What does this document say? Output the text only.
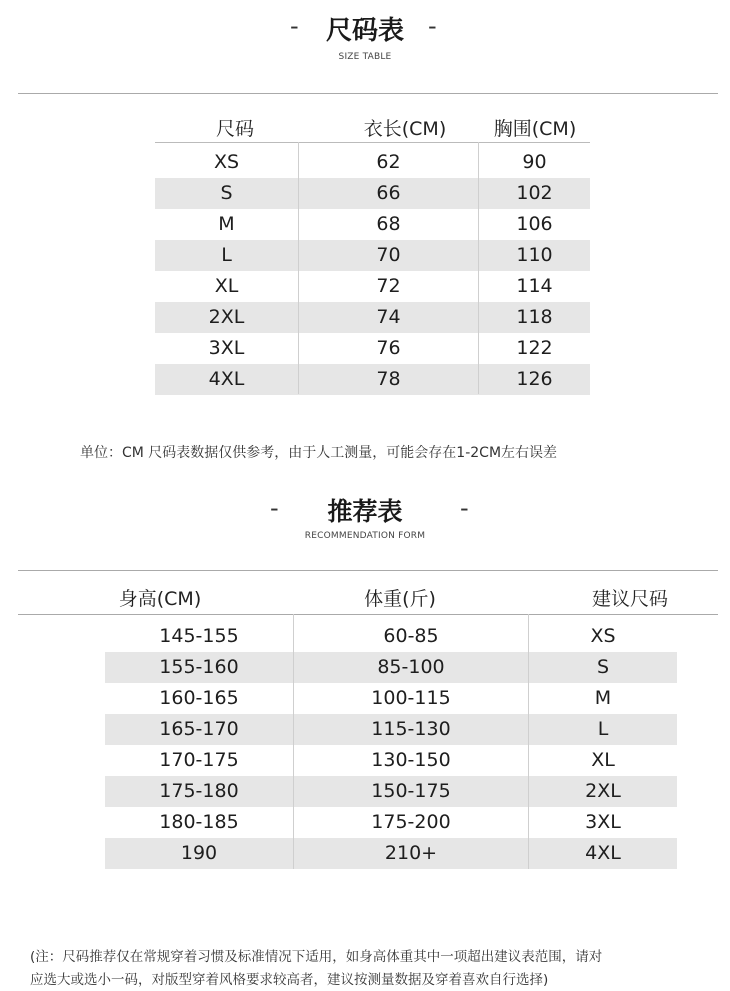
-	尺码表	-
SIZE TABLE
尺码	衣长(CM)	胸围(CM)
XS	62	90
S	66	102
M	68	106
L	70	110
XL	72	114
2XL	74	118
3XL	76	122
4XL	78	126
单位：CM 尺码表数据仅供参考，由于人工测量，可能会存在1-2CM左右误差
-	推荐表	-
RECOMMENDATION FORM
身高(CM)	体重(斤)	建议尺码
145-155	60-85	XS
155-160	85-100	S
160-165	100-115	M
165-170	115-130	L
170-175	130-150	XL
175-180	150-175	2XL
180-185	175-200	3XL
190	210+	4XL
(注：尺码推荐仅在常规穿着习惯及标准情况下适用，如身高体重其中一项超出建议表范围，请对
应选大或选小一码，对版型穿着风格要求较高者，建议按测量数据及穿着喜欢自行选择)
